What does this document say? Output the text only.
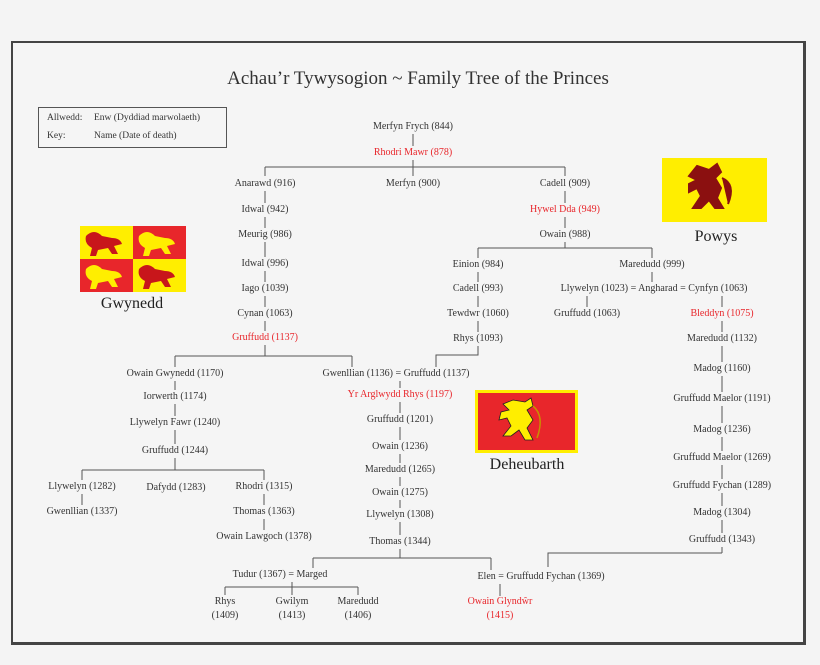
Achau’r Tywysogion ~ Family Tree of the Princes
Allwedd: Enw (Dyddiad marwolaeth)
Key:	Name (Date of death)
Gwynedd
Powys
Deheubarth
Merfyn Frych (844)
Rhodri Mawr (878)
Anarawd (916)	Merfyn (900)	Cadell (909)
Idwal (942)
Meurig (986)
Idwal (996)
Iago (1039)
Cynan (1063)
Gruffudd (1137)
Hywel Dda (949)
Owain (988)
Einion (984)	Maredudd (999)
Cadell (993)
Tewdwr (1060)
Rhys (1093)
Llywelyn (1023) = Angharad = Cynfyn (1063)
Gruffudd (1063)	Bleddyn (1075)
Maredudd (1132)
Madog (1160)
Gruffudd Maelor (1191)
Madog (1236)
Gruffudd Maelor (1269)
Gruffudd Fychan (1289)
Madog (1304)
Gruffudd (1343)
Owain Gwynedd (1170)	Gwenllian (1136) = Gruffudd (1137)
Iorwerth (1174)
Llywelyn Fawr (1240)
Gruffudd (1244)
Yr Arglwydd Rhys (1197)
Gruffudd (1201)
Owain (1236)
Maredudd (1265)
Owain (1275)
Llywelyn (1308)
Thomas (1344)
Llywelyn (1282)	Dafydd (1283)	Rhodri (1315)
Gwenllian (1337)	Thomas (1363)
Owain Lawgoch (1378)
Tudur (1367) = Marged	Elen = Gruffudd Fychan (1369)
Rhys
(1409)
Gwilym
(1413)
Maredudd
(1406)
Owain Glyndŵr
(1415)
